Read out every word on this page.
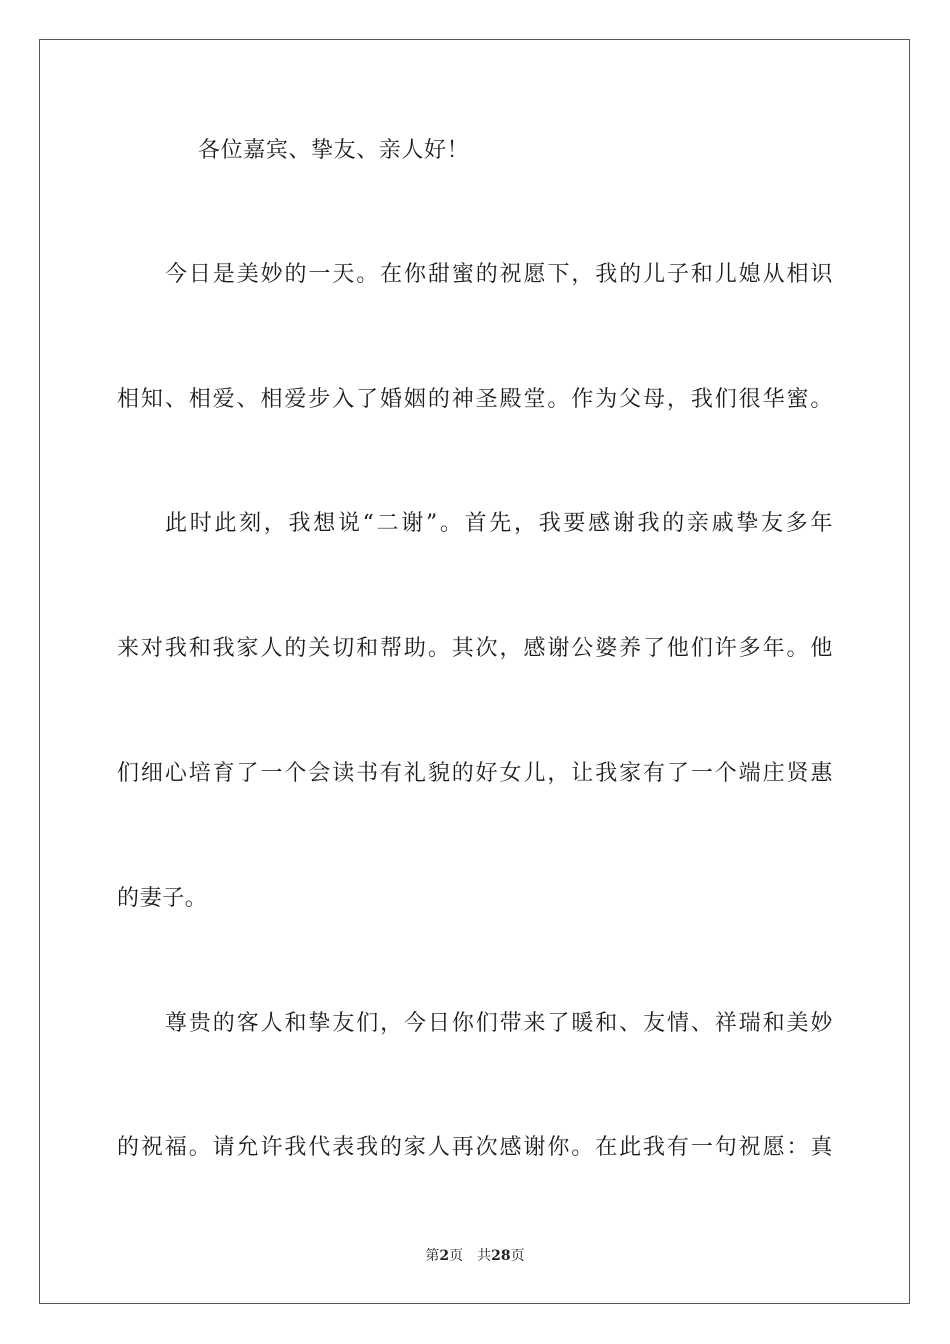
各位嘉宾、挚友、亲人好！
今日是美妙的一天。在你甜蜜的祝愿下，我的儿子和儿媳从相识
相知、相爱、相爱步入了婚姻的神圣殿堂。作为父母，我们很华蜜。
此时此刻，我想说“二谢”。首先，我要感谢我的亲戚挚友多年
来对我和我家人的关切和帮助。其次，感谢公婆养了他们许多年。他
们细心培育了一个会读书有礼貌的好女儿，让我家有了一个端庄贤惠
的妻子。
尊贵的客人和挚友们，今日你们带来了暖和、友情、祥瑞和美妙
的祝福。请允许我代表我的家人再次感谢你。在此我有一句祝愿：真
第2页 共28页
